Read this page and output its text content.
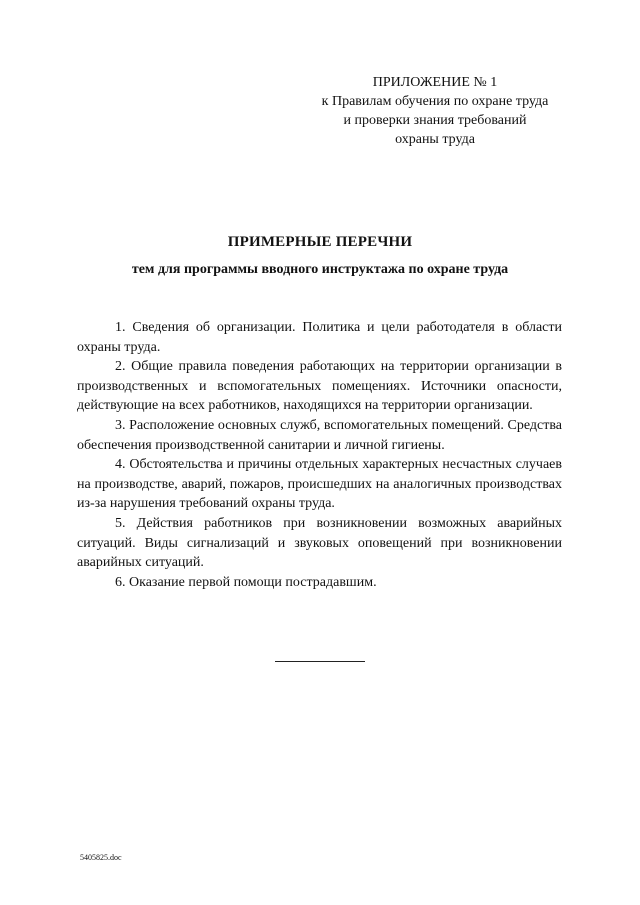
ПРИЛОЖЕНИЕ № 1
к Правилам обучения по охране труда
и проверки знания требований
охраны труда
ПРИМЕРНЫЕ ПЕРЕЧНИ
тем для программы вводного инструктажа по охране труда

1. Сведения об организации. Политика и цели работодателя в области охраны труда.

2. Общие правила поведения работающих на территории организации в производственных и вспомогательных помещениях. Источники опасности, действующие на всех работников, находящихся на территории организации.

3. Расположение основных служб, вспомогательных помещений. Средства обеспечения производственной санитарии и личной гигиены.

4. Обстоятельства и причины отдельных характерных несчастных случаев на производстве, аварий, пожаров, происшедших на аналогичных производствах из-за нарушения требований охраны труда.

5. Действия работников при возникновении возможных аварийных ситуаций. Виды сигнализаций и звуковых оповещений при возникновении аварийных ситуаций.

6. Оказание первой помощи пострадавшим.

5405825.doc
